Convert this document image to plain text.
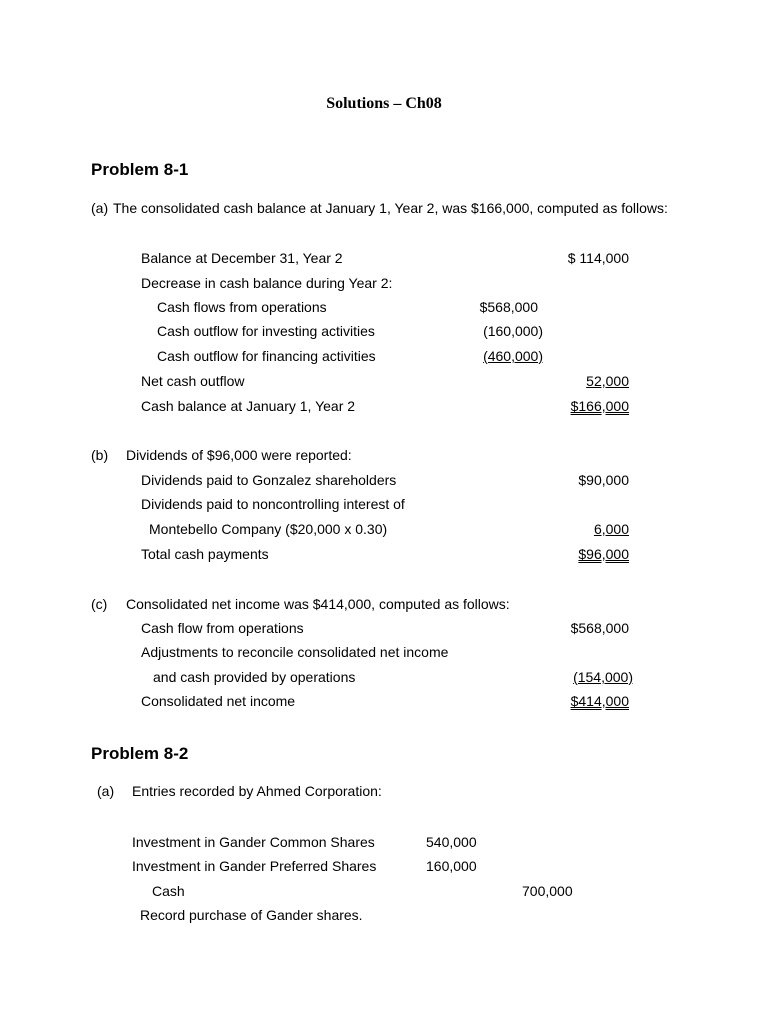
Solutions – Ch08
Problem 8-1
(a) The consolidated cash balance at January 1, Year 2, was $166,000, computed as follows:
Balance at December 31, Year 2	$ 114,000
Decrease in cash balance during Year 2:
Cash flows from operations	$568,000
Cash outflow for investing activities	(160,000)
Cash outflow for financing activities	(460,000)
Net cash outflow	52,000
Cash balance at January 1, Year 2	$166,000
(b) Dividends of $96,000 were reported:
Dividends paid to Gonzalez shareholders	$90,000
Dividends paid to noncontrolling interest of
Montebello Company ($20,000 x 0.30)	6,000
Total cash payments	$96,000
(c) Consolidated net income was $414,000, computed as follows:
Cash flow from operations	$568,000
Adjustments to reconcile consolidated net income
and cash provided by operations	(154,000)
Consolidated net income	$414,000
Problem 8-2
(a) Entries recorded by Ahmed Corporation:
Investment in Gander Common Shares	540,000
Investment in Gander Preferred Shares	160,000
Cash	700,000
Record purchase of Gander shares.
